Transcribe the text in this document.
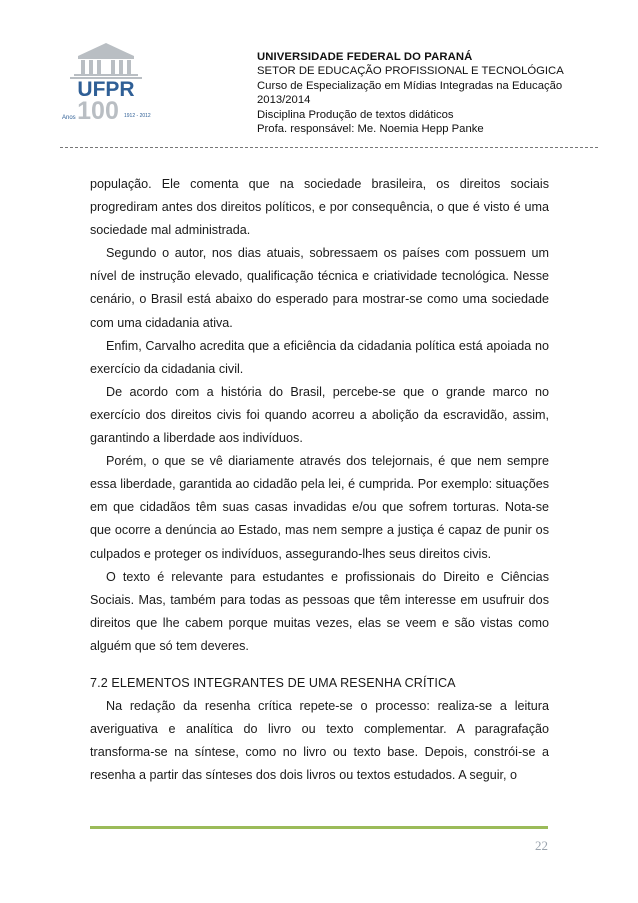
UFPR
100
Anos	1912 - 2012
UNIVERSIDADE FEDERAL DO PARANÁ
SETOR DE EDUCAÇÃO PROFISSIONAL E TECNOLÓGICA
Curso de Especialização em Mídias Integradas na Educação
2013/2014
Disciplina Produção de textos didáticos
Profa. responsável: Me. Noemia Hepp Panke

população. Ele comenta que na sociedade brasileira, os direitos sociais progrediram antes dos direitos políticos, e por consequência, o que é visto é uma sociedade mal administrada.

Segundo o autor, nos dias atuais, sobressaem os países com possuem um nível de instrução elevado, qualificação técnica e criatividade tecnológica. Nesse cenário, o Brasil está abaixo do esperado para mostrar-se como uma sociedade com uma cidadania ativa.

Enfim, Carvalho acredita que a eficiência da cidadania política está apoiada no exercício da cidadania civil.

De acordo com a história do Brasil, percebe-se que o grande marco no exercício dos direitos civis foi quando acorreu a abolição da escravidão, assim, garantindo a liberdade aos indivíduos.

Porém, o que se vê diariamente através dos telejornais, é que nem sempre essa liberdade, garantida ao cidadão pela lei, é cumprida. Por exemplo: situações em que cidadãos têm suas casas invadidas e/ou que sofrem torturas. Nota-se que ocorre a denúncia ao Estado, mas nem sempre a justiça é capaz de punir os culpados e proteger os indivíduos, assegurando-lhes seus direitos civis.

O texto é relevante para estudantes e profissionais do Direito e Ciências Sociais. Mas, também para todas as pessoas que têm interesse em usufruir dos direitos que lhe cabem porque muitas vezes, elas se veem e são vistas como alguém que só tem deveres.

7.2 ELEMENTOS INTEGRANTES DE UMA RESENHA CRÍTICA

Na redação da resenha crítica repete-se o processo: realiza-se a leitura averiguativa e analítica do livro ou texto complementar. A paragrafação transforma-se na síntese, como no livro ou texto base. Depois, constrói-se a resenha a partir das sínteses dos dois livros ou textos estudados. A seguir, o

22
